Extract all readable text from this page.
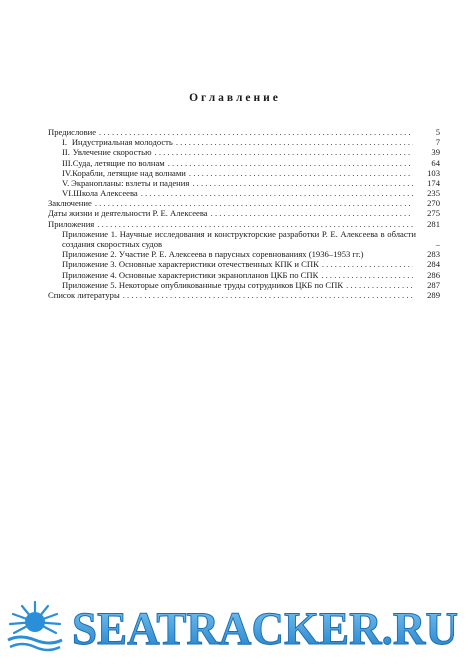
Оглавление
Предисловие . . .	5
I. Индустриальная молодость . . .	7
II. Увлечение скоростью . . .	39
III. Суда, летящие по волнам . . .	64
IV. Корабли, летящие над волнами . . .	103
V. Экранопланы: взлеты и падения . . .	174
VI. Школа Алексеева . . .	235
Заключение . . .	270
Даты жизни и деятельности Р. Е. Алексеева . . .	275
Приложения . . .	281
Приложение 1. Научные исследования и конструкторские разработки Р. Е. Алексеева в области создания скоростных судов	–
Приложение 2. Участие Р. Е. Алексеева в парусных соревнованиях (1936–1953 гг.)	283
Приложение 3. Основные характеристики отечественных КПК и СПК . . .	284
Приложение 4. Основные характеристики экранопланов ЦКБ по СПК . . .	286
Приложение 5. Некоторые опубликованные труды сотрудников ЦКБ по СПК . . .	287
Список литературы . . .	289
SEATRACKER.RU
